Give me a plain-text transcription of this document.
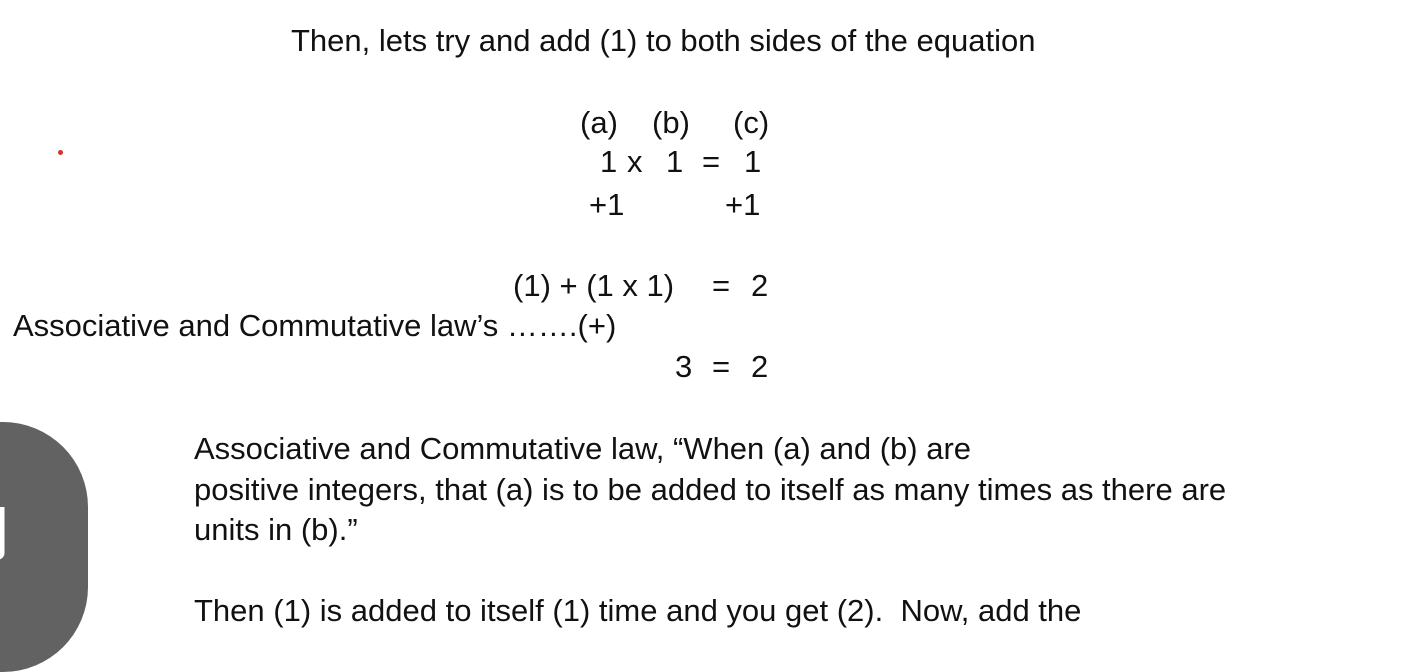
Then, lets try and add (1) to both sides of the equation
(a) (b) (c)
1 x 1 = 1
+1	+1
(1) + (1 x 1) = 2
Associative and Commutative law’s …….(+)
3 = 2
Associative and Commutative law, “When (a) and (b) are
positive integers, that (a) is to be added to itself as many times as there are
units in (b).”
Then (1) is added to itself (1) time and you get (2).  Now, add the
